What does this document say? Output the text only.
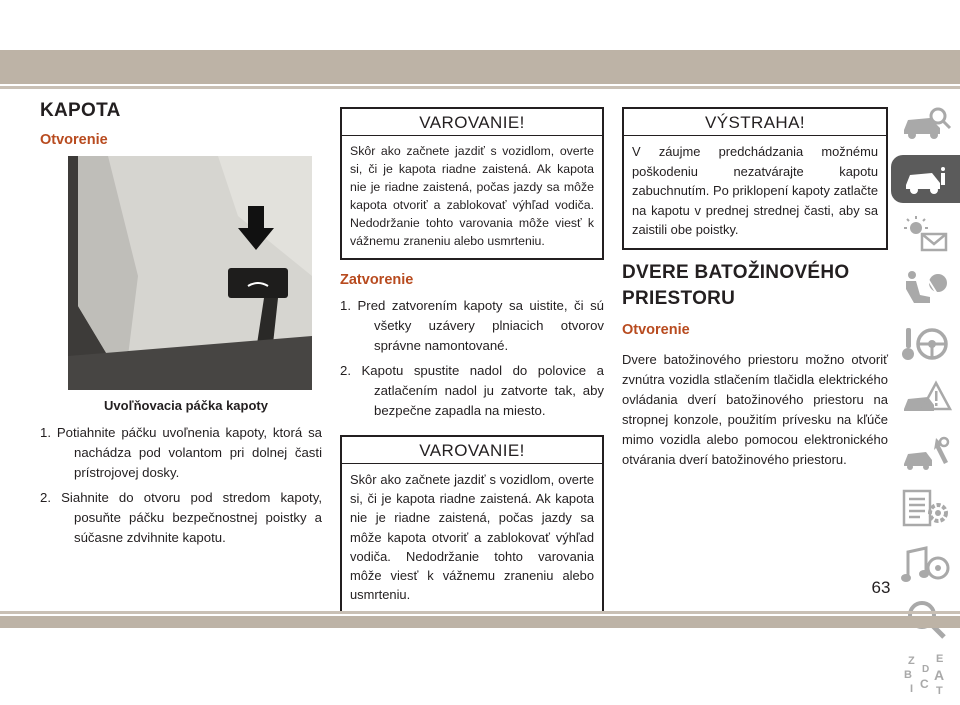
KAPOTA
Otvorenie
Uvoľňovacia páčka kapoty
1. Potiahnite páčku uvoľnenia kapoty, ktorá sa nachádza pod volantom pri dolnej časti prístrojovej dosky.
2. Siahnite do otvoru pod stredom kapoty, posuňte páčku bezpečnostnej poistky a súčasne zdvihnite kapotu.
VAROVANIE!
Skôr ako začnete jazdiť s vozidlom, overte si, či je kapota riadne zaistená. Ak kapota nie je riadne zaistená, počas jazdy sa môže kapota otvoriť a zablokovať výhľad vodiča. Nedodržanie tohto varovania môže viesť k vážnemu zraneniu alebo usmrteniu.
Zatvorenie
1. Pred zatvorením kapoty sa uistite, či sú všetky uzávery plniacich otvorov správne namontované.
2. Kapotu spustite nadol do polovice a zatlačením nadol ju zatvorte tak, aby bezpečne zapadla na miesto.
VAROVANIE!
Skôr ako začnete jazdiť s vozidlom, overte si, či je kapota riadne zaistená. Ak kapota nie je riadne zaistená, počas jazdy sa môže kapota otvoriť a zablokovať výhľad vodiča. Nedodržanie tohto varovania môže viesť k vážnemu zraneniu alebo usmrteniu.
VÝSTRAHA!
V záujme predchádzania možnému poškodeniu nezatvárajte kapotu zabuchnutím. Po priklopení kapoty zatlačte na kapotu v prednej strednej časti, aby sa zaistili obe poistky.
DVERE BATOŽINOVÉHO PRIESTORU
Otvorenie

Dvere batožinového priestoru možno otvoriť zvnútra vozidla stlačením tlačidla elektrického ovládania dverí batožinového priestoru na stropnej konzole, použitím prívesku na kľúče mimo vozidla alebo pomocou elektronického otvárania dverí batožinového priestoru.

Z E
B A
C
D
T
I
63
